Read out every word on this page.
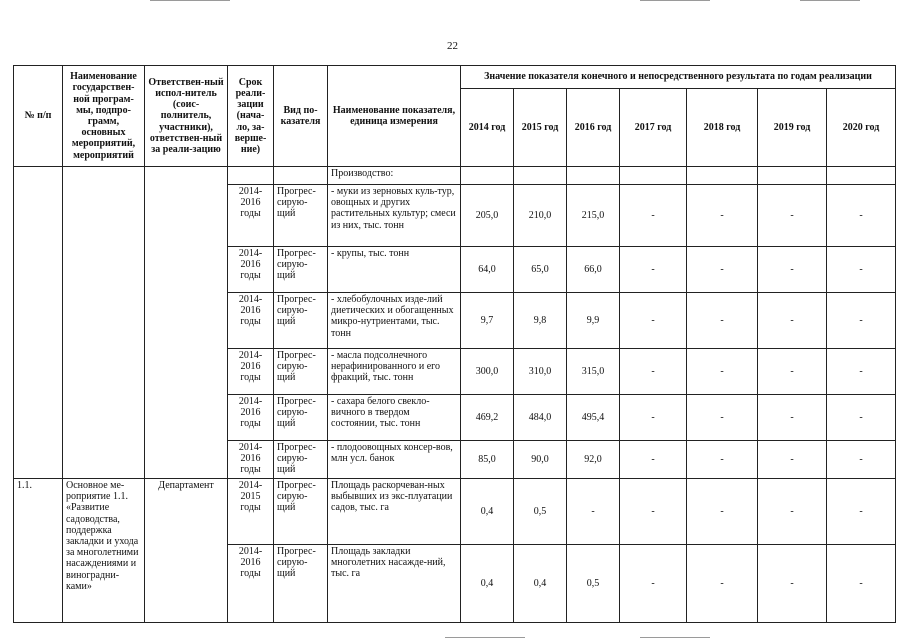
22
№ п/п	Наименование государствен-ной програм-мы, подпро-грамм, основных мероприятий, мероприятий	Ответствен-ный испол-нитель (соис-полнитель, участники), ответствен-ный за реали-зацию	Срок реали-зации (нача-ло, за-верше-ние)	Вид по-казателя	Наименование показателя, единица измерения	Значение показателя конечного и непосредственного результата по годам реализации						
						2014 год	2015 год	2016 год	2017 год	2018 год	2019 год	2020 год
					Производство:							
			2014-2016 годы	Прогрес-сирую-щий	- муки из зерновых куль-тур, овощных и других растительных культур; смеси из них, тыс. тонн	205,0	210,0	215,0	-	-	-	-
			2014-2016 годы	Прогрес-сирую-щий	- крупы, тыс. тонн	64,0	65,0	66,0	-	-	-	-
			2014-2016 годы	Прогрес-сирую-щий	- хлебобулочных изде-лий диетических и обогащенных микро-нутриентами, тыс. тонн	9,7	9,8	9,9	-	-	-	-
			2014-2016 годы	Прогрес-сирую-щий	- масла подсолнечного нерафинированного и его фракций, тыс. тонн	300,0	310,0	315,0	-	-	-	-
			2014-2016 годы	Прогрес-сирую-щий	- сахара белого свекло-вичного в твердом состоянии, тыс. тонн	469,2	484,0	495,4	-	-	-	-
			2014-2016 годы	Прогрес-сирую-щий	- плодоовощных консер-вов, млн усл. банок	85,0	90,0	92,0	-	-	-	-
1.1.	Основное ме-роприятие 1.1. «Развитие садоводства, поддержка закладки и ухода за многолетними насаждениями и виноградни-ками»	Департамент	2014-2015 годы	Прогрес-сирую-щий	Площадь раскорчеван-ных выбывших из экс-плуатации садов, тыс. га	0,4	0,5	-	-	-	-	-
			2014-2016 годы	Прогрес-сирую-щий	Площадь закладки многолетних насажде-ний, тыс. га	0,4	0,4	0,5	-	-	-	-
